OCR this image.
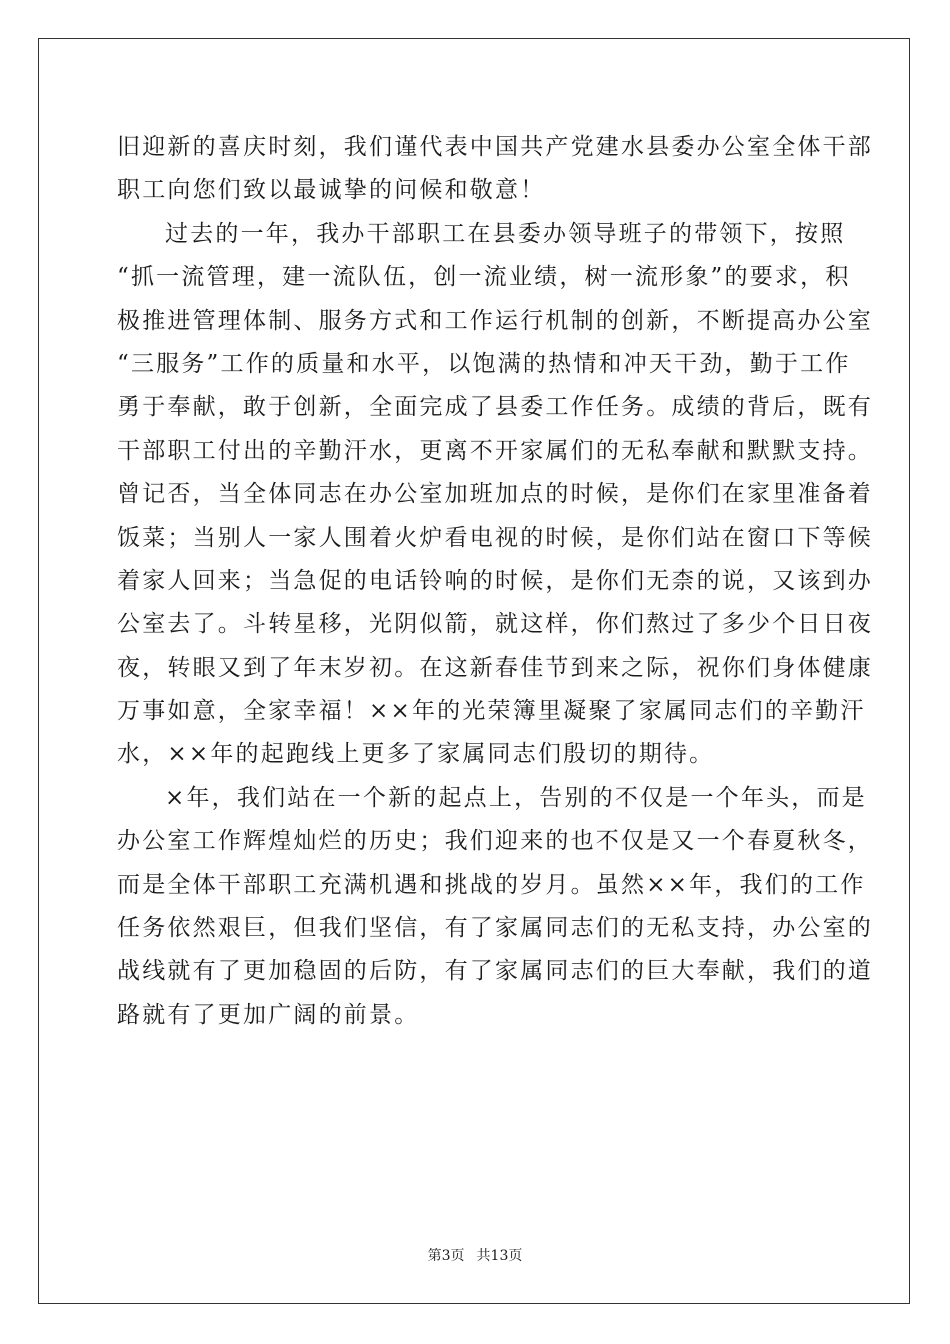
旧迎新的喜庆时刻，我们谨代表中国共产党建水县委办公室全体干部
职工向您们致以最诚挚的问候和敬意！
过去的一年，我办干部职工在县委办领导班子的带领下，按照
“抓一流管理，建一流队伍，创一流业绩，树一流形象”的要求，积
极推进管理体制、服务方式和工作运行机制的创新，不断提高办公室
“三服务”工作的质量和水平，以饱满的热情和冲天干劲，勤于工作
勇于奉献，敢于创新，全面完成了县委工作任务。成绩的背后，既有
干部职工付出的辛勤汗水，更离不开家属们的无私奉献和默默支持。
曾记否，当全体同志在办公室加班加点的时候，是你们在家里准备着
饭菜；当别人一家人围着火炉看电视的时候，是你们站在窗口下等候
着家人回来；当急促的电话铃响的时候，是你们无柰的说，又该到办
公室去了。斗转星移，光阴似箭，就这样，你们熬过了多少个日日夜
夜，转眼又到了年末岁初。在这新春佳节到来之际，祝你们身体健康
万事如意，全家幸福！××年的光荣簿里凝聚了家属同志们的辛勤汗
水，××年的起跑线上更多了家属同志们殷切的期待。
×年，我们站在一个新的起点上，告别的不仅是一个年头，而是
办公室工作辉煌灿烂的历史；我们迎来的也不仅是又一个春夏秋冬，
而是全体干部职工充满机遇和挑战的岁月。虽然××年，我们的工作
任务依然艰巨，但我们坚信，有了家属同志们的无私支持，办公室的
战线就有了更加稳固的后防，有了家属同志们的巨大奉献，我们的道
路就有了更加广阔的前景。
第3页 共13页
